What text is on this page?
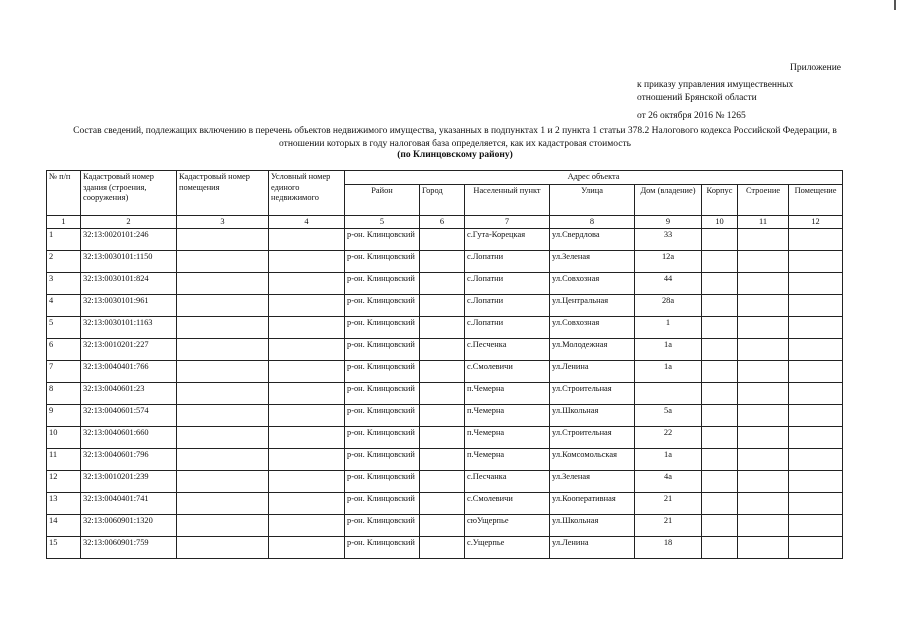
Приложение
к приказу управления имущественных отношений Брянской области
от 26 октября 2016 № 1265
Состав сведений, подлежащих включению в перечень объектов недвижимого имущества, указанных в подпунктах 1 и 2 пункта 1 статьи 378.2 Налогового кодекса Российской Федерации, в отношении которых в году налоговая база определяется, как их кадастровая стоимость
(по Клинцовскому району)
№ п/п	Кадастровый номер здания (строения, сооружения)	Кадастровый номер помещения	Условный номер единого недвижимого	Адрес объекта							
				Район	Город	Населенный пункт	Улица	Дом (владение)	Корпус	Строение	Помещение
1	2	3	4	5	6	7	8	9	10	11	12
1	32:13:0020101:246			р-он. Клинцовский		с.Гута-Корецкая	ул.Свердлова	33			
2	32:13:0030101:1150			р-он. Клинцовский		с.Лопатни	ул.Зеленая	12а			
3	32:13:0030101:824			р-он. Клинцовский		с.Лопатни	ул.Совхозная	44			
4	32:13:0030101:961			р-он. Клинцовский		с.Лопатни	ул.Центральная	28а			
5	32:13:0030101:1163			р-он. Клинцовский		с.Лопатни	ул.Совхозная	1			
6	32:13:0010201:227			р-он. Клинцовский		с.Песченка	ул.Молодежная	1а			
7	32:13:0040401:766			р-он. Клинцовский		с.Смолевичи	ул.Ленина	1а			
8	32:13:0040601:23			р-он. Клинцовский		п.Чемерна	ул.Строительная				
9	32:13:0040601:574			р-он. Клинцовский		п.Чемерна	ул.Школьная	5а			
10	32:13:0040601:660			р-он. Клинцовский		п.Чемерна	ул.Строительная	22			
11	32:13:0040601:796			р-он. Клинцовский		п.Чемерна	ул.Комсомольская	1а			
12	32:13:0010201:239			р-он. Клинцовский		с.Песчанка	ул.Зеленая	4а			
13	32:13:0040401:741			р-он. Клинцовский		с.Смолевичи	ул.Кооперативная	21			
14	32:13:0060901:1320			р-он. Клинцовский		сюУщерпье	ул.Школьная	21			
15	32:13:0060901:759			р-он. Клинцовский		с.Ущерпье	ул.Ленина	18			
